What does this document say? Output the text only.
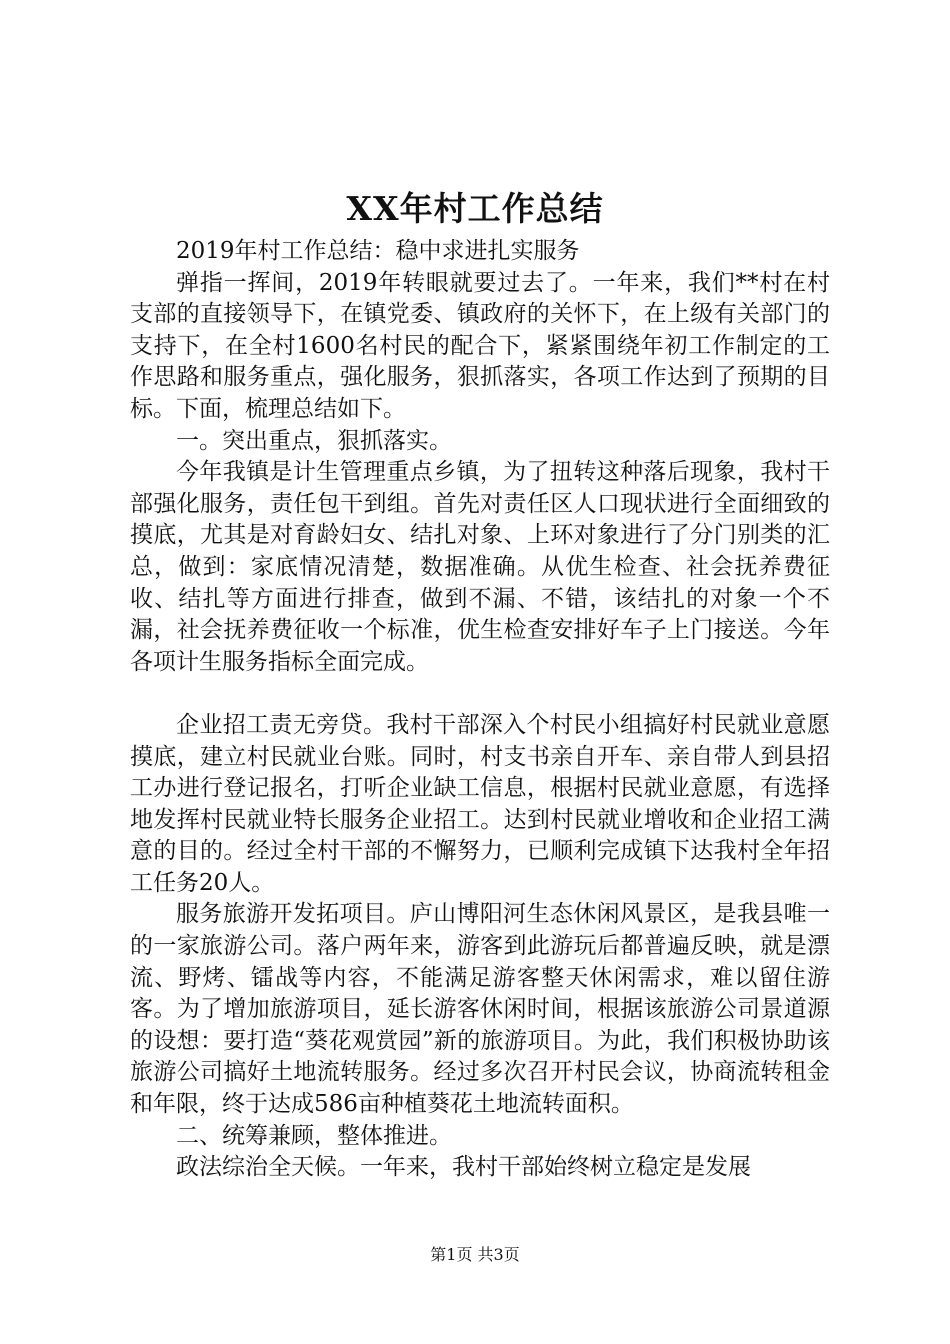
XX年村工作总结

2019年村工作总结：稳中求进扎实服务

弹指一挥间，2019年转眼就要过去了。一年来，我们**村在村支部的直接领导下，在镇党委、镇政府的关怀下，在上级有关部门的支持下，在全村1600名村民的配合下，紧紧围绕年初工作制定的工作思路和服务重点，强化服务，狠抓落实，各项工作达到了预期的目标。下面，梳理总结如下。

一。突出重点，狠抓落实。

今年我镇是计生管理重点乡镇，为了扭转这种落后现象，我村干部强化服务，责任包干到组。首先对责任区人口现状进行全面细致的摸底，尤其是对育龄妇女、结扎对象、上环对象进行了分门别类的汇总，做到：家底情况清楚，数据准确。从优生检查、社会抚养费征收、结扎等方面进行排查，做到不漏、不错，该结扎的对象一个不漏，社会抚养费征收一个标准，优生检查安排好车子上门接送。今年各项计生服务指标全面完成。

企业招工责无旁贷。我村干部深入个村民小组搞好村民就业意愿摸底，建立村民就业台账。同时，村支书亲自开车、亲自带人到县招工办进行登记报名，打听企业缺工信息，根据村民就业意愿，有选择地发挥村民就业特长服务企业招工。达到村民就业增收和企业招工满意的目的。经过全村干部的不懈努力，已顺利完成镇下达我村全年招工任务20人。

服务旅游开发拓项目。庐山博阳河生态休闲风景区，是我县唯一的一家旅游公司。落户两年来，游客到此游玩后都普遍反映，就是漂流、野烤、镭战等内容，不能满足游客整天休闲需求，难以留住游客。为了增加旅游项目，延长游客休闲时间，根据该旅游公司景道源的设想：要打造“葵花观赏园”新的旅游项目。为此，我们积极协助该旅游公司搞好土地流转服务。经过多次召开村民会议，协商流转租金和年限，终于达成586亩种植葵花土地流转面积。

二、统筹兼顾，整体推进。

政法综治全天候。一年来，我村干部始终树立稳定是发展

第1页 共3页
